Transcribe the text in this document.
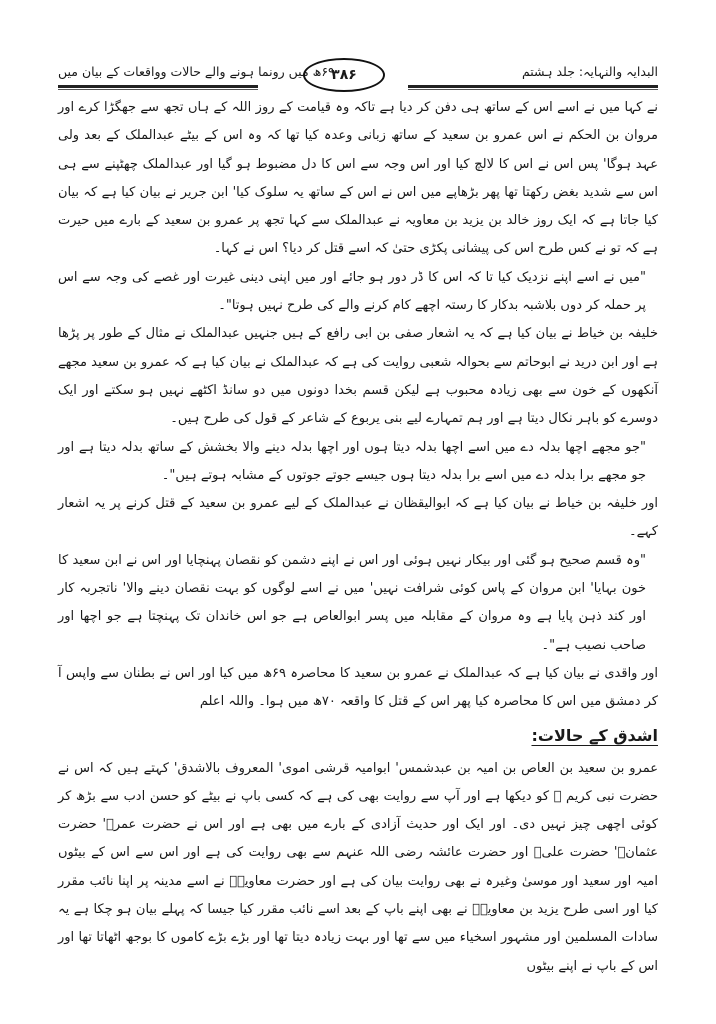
البدایہ والنہایہ: جلد ہشتم
۶۹ھ میں رونما ہونے والے حالات وواقعات کے بیان میں
۳۸۶

نے کہا میں نے اسے اس کے ساتھ ہی دفن کر دیا ہے تاکہ وہ قیامت کے روز اللہ کے ہاں تجھ سے جھگڑا کرے اور مروان بن الحکم نے اس عمرو بن سعید کے ساتھ زبانی وعدہ کیا تھا کہ وہ اس کے بیٹے عبدالملک کے بعد ولی عہد ہوگا' پس اس نے اس کا لالچ کیا اور اس وجہ سے اس کا دل مضبوط ہو گیا اور عبدالملک چھٹپنے سے ہی اس سے شدید بغض رکھتا تھا پھر بڑھاپے میں اس نے اس کے ساتھ یہ سلوک کیا' ابن جریر نے بیان کیا ہے کہ بیان کیا جاتا ہے کہ ایک روز خالد بن یزید بن معاویہ نے عبدالملک سے کہا تجھ پر عمرو بن سعید کے بارے میں حیرت ہے کہ تو نے کس طرح اس کی پیشانی پکڑی حتیٰ کہ اسے قتل کر دیا؟ اس نے کہا۔

"میں نے اسے اپنے نزدیک کیا تا کہ اس کا ڈر دور ہو جائے اور میں اپنی دینی غیرت اور غصے کی وجہ سے اس پر حملہ کر دوں بلاشبہ بدکار کا رستہ اچھے کام کرنے والے کی طرح نہیں ہوتا"۔

خلیفہ بن خیاط نے بیان کیا ہے کہ یہ اشعار صفی بن ابی رافع کے ہیں جنہیں عبدالملک نے مثال کے طور پر پڑھا ہے اور ابن درید نے ابوحاتم سے بحوالہ شعبی روایت کی ہے کہ عبدالملک نے بیان کیا ہے کہ عمرو بن سعید مجھے آنکھوں کے خون سے بھی زیادہ محبوب ہے لیکن قسم بخدا دونوں میں دو سانڈ اکٹھے نہیں ہو سکتے اور ایک دوسرے کو باہر نکال دیتا ہے اور ہم تمہارے لیے بنی یربوع کے شاعر کے قول کی طرح ہیں۔

"جو مجھے اچھا بدلہ دے میں اسے اچھا بدلہ دیتا ہوں اور اچھا بدلہ دینے والا بخشش کے ساتھ بدلہ دیتا ہے اور جو مجھے برا بدلہ دے میں اسے برا بدلہ دیتا ہوں جیسے جوتے جوتوں کے مشابہ ہوتے ہیں"۔

اور خلیفہ بن خیاط نے بیان کیا ہے کہ ابوالیقظان نے عبدالملک کے لیے عمرو بن سعید کے قتل کرنے پر یہ اشعار کہے۔

"وہ قسم صحیح ہو گئی اور بیکار نہیں ہوئی اور اس نے اپنے دشمن کو نقصان پہنچایا اور اس نے ابن سعید کا خون بہایا' ابن مروان کے پاس کوئی شرافت نہیں' میں نے اسے لوگوں کو بہت نقصان دینے والا' ناتجربہ کار اور کند ذہن پایا ہے وہ مروان کے مقابلہ میں پسر ابوالعاص ہے جو اس خاندان تک پہنچتا ہے جو اچھا اور صاحب نصیب ہے"۔

اور واقدی نے بیان کیا ہے کہ عبدالملک نے عمرو بن سعید کا محاصرہ ۶۹ھ میں کیا اور اس نے بطنان سے واپس آ کر دمشق میں اس کا محاصرہ کیا پھر اس کے قتل کا واقعہ ۷۰ھ میں ہوا۔ واللہ اعلم

اشدق کے حالات:

عمرو بن سعید بن العاص بن امیہ بن عبدشمس' ابوامیہ قرشی اموی' المعروف بالاشدق' کہتے ہیں کہ اس نے حضرت نبی کریم ﷺ کو دیکھا ہے اور آپ سے روایت بھی کی ہے کہ کسی باپ نے بیٹے کو حسن ادب سے بڑھ کر کوئی اچھی چیز نہیں دی۔ اور ایک اور حدیث آزادی کے بارے میں بھی ہے اور اس نے حضرت عمرؓ' حضرت عثمانؓ' حضرت علیؓ اور حضرت عائشہ رضی اللہ عنہم سے بھی روایت کی ہے اور اس سے اس کے بیٹوں امیہ اور سعید اور موسیٰ وغیرہ نے بھی روایت بیان کی ہے اور حضرت معاویہؓ نے اسے مدینہ پر اپنا نائب مقرر کیا اور اسی طرح یزید بن معاویہؓ نے بھی اپنے باپ کے بعد اسے نائب مقرر کیا جیسا کہ پہلے بیان ہو چکا ہے یہ سادات المسلمین اور مشہور اسخیاء میں سے تھا اور بہت زیادہ دیتا تھا اور بڑے بڑے کاموں کا بوجھ اٹھاتا تھا اور اس کے باپ نے اپنے بیٹوں
